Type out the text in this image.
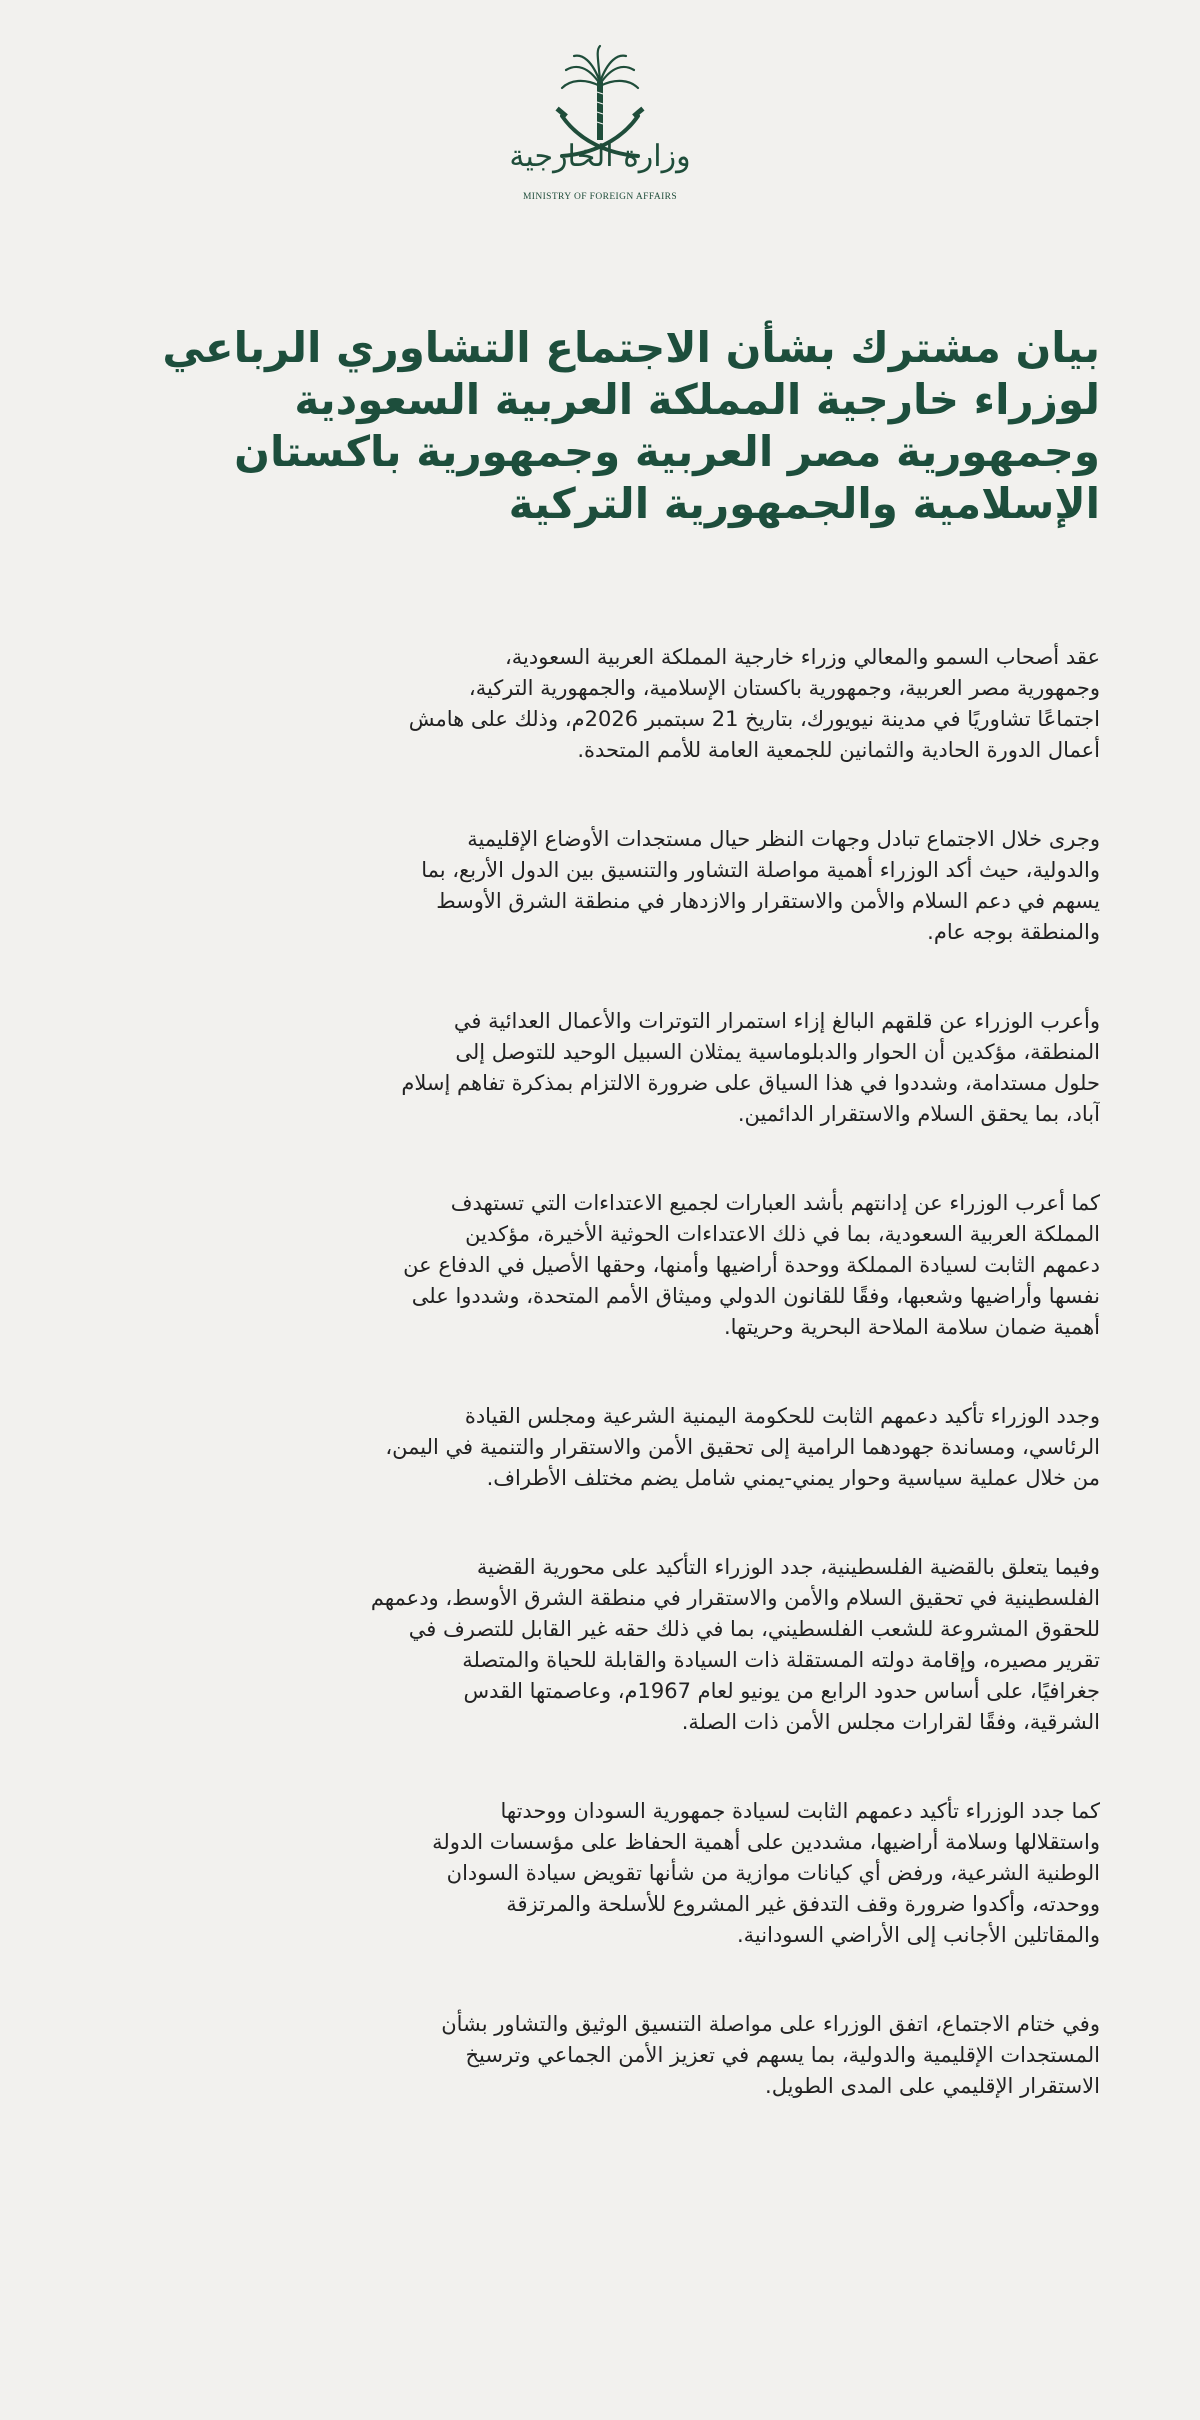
وزارة الخارجية
MINISTRY OF FOREIGN AFFAIRS
بيان مشترك بشأن الاجتماع التشاوري الرباعي
لوزراء خارجية المملكة العربية السعودية
وجمهورية مصر العربية وجمهورية باكستان
الإسلامية والجمهورية التركية
عقد أصحاب السمو والمعالي وزراء خارجية المملكة العربية السعودية،
وجمهورية مصر العربية، وجمهورية باكستان الإسلامية، والجمهورية التركية،
اجتماعًا تشاوريًا في مدينة نيويورك، بتاريخ 21 سبتمبر 2026م، وذلك على هامش
أعمال الدورة الحادية والثمانين للجمعية العامة للأمم المتحدة.
وجرى خلال الاجتماع تبادل وجهات النظر حيال مستجدات الأوضاع الإقليمية
والدولية، حيث أكد الوزراء أهمية مواصلة التشاور والتنسيق بين الدول الأربع، بما
يسهم في دعم السلام والأمن والاستقرار والازدهار في منطقة الشرق الأوسط
والمنطقة بوجه عام.
وأعرب الوزراء عن قلقهم البالغ إزاء استمرار التوترات والأعمال العدائية في
المنطقة، مؤكدين أن الحوار والدبلوماسية يمثلان السبيل الوحيد للتوصل إلى
حلول مستدامة، وشددوا في هذا السياق على ضرورة الالتزام بمذكرة تفاهم إسلام
آباد، بما يحقق السلام والاستقرار الدائمين.
كما أعرب الوزراء عن إدانتهم بأشد العبارات لجميع الاعتداءات التي تستهدف
المملكة العربية السعودية، بما في ذلك الاعتداءات الحوثية الأخيرة، مؤكدين
دعمهم الثابت لسيادة المملكة ووحدة أراضيها وأمنها، وحقها الأصيل في الدفاع عن
نفسها وأراضيها وشعبها، وفقًا للقانون الدولي وميثاق الأمم المتحدة، وشددوا على
أهمية ضمان سلامة الملاحة البحرية وحريتها.
وجدد الوزراء تأكيد دعمهم الثابت للحكومة اليمنية الشرعية ومجلس القيادة
الرئاسي، ومساندة جهودهما الرامية إلى تحقيق الأمن والاستقرار والتنمية في اليمن،
من خلال عملية سياسية وحوار يمني-يمني شامل يضم مختلف الأطراف.
وفيما يتعلق بالقضية الفلسطينية، جدد الوزراء التأكيد على محورية القضية
الفلسطينية في تحقيق السلام والأمن والاستقرار في منطقة الشرق الأوسط، ودعمهم
للحقوق المشروعة للشعب الفلسطيني، بما في ذلك حقه غير القابل للتصرف في
تقرير مصيره، وإقامة دولته المستقلة ذات السيادة والقابلة للحياة والمتصلة
جغرافيًا، على أساس حدود الرابع من يونيو لعام 1967م، وعاصمتها القدس
الشرقية، وفقًا لقرارات مجلس الأمن ذات الصلة.
كما جدد الوزراء تأكيد دعمهم الثابت لسيادة جمهورية السودان ووحدتها
واستقلالها وسلامة أراضيها، مشددين على أهمية الحفاظ على مؤسسات الدولة
الوطنية الشرعية، ورفض أي كيانات موازية من شأنها تقويض سيادة السودان
ووحدته، وأكدوا ضرورة وقف التدفق غير المشروع للأسلحة والمرتزقة
والمقاتلين الأجانب إلى الأراضي السودانية.
وفي ختام الاجتماع، اتفق الوزراء على مواصلة التنسيق الوثيق والتشاور بشأن
المستجدات الإقليمية والدولية، بما يسهم في تعزيز الأمن الجماعي وترسيخ
الاستقرار الإقليمي على المدى الطويل.
